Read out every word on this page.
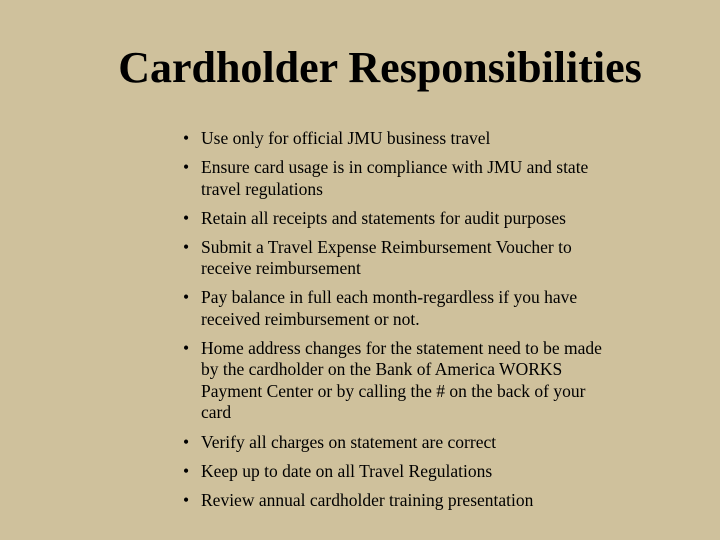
Cardholder Responsibilities
• Use only for official JMU business travel
• Ensure card usage is in compliance with JMU and state travel regulations
• Retain all receipts and statements for audit purposes
• Submit a Travel Expense Reimbursement Voucher to receive reimbursement
• Pay balance in full each month-regardless if you have received reimbursement or not.
• Home address changes for the statement need to be made by the cardholder on the Bank of America WORKS Payment Center or by calling the # on the back of your card
• Verify all charges on statement are correct
• Keep up to date on all Travel Regulations
• Review annual cardholder training presentation
